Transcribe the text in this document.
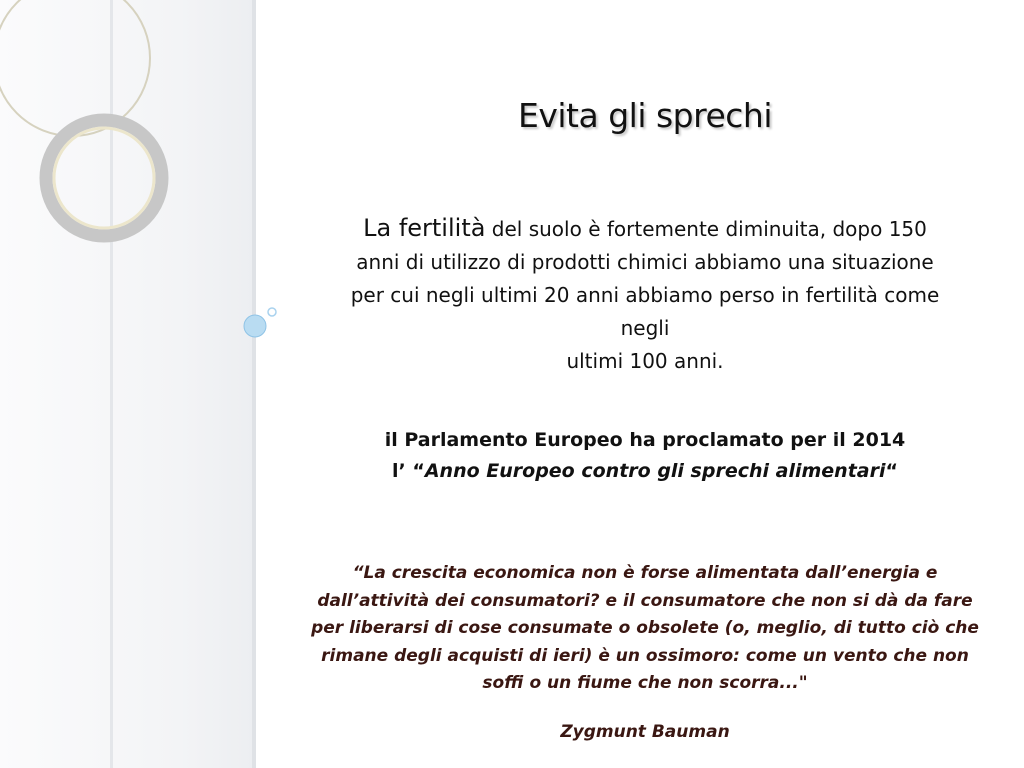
Evita gli sprechi
La fertilità del suolo è fortemente diminuita, dopo 150
anni di utilizzo di prodotti chimici abbiamo una situazione
per cui negli ultimi 20 anni abbiamo perso in fertilità come
negli
ultimi 100 anni.
il Parlamento Europeo ha proclamato per il 2014
l’ “Anno Europeo contro gli sprechi alimentari“
“La crescita economica non è forse alimentata dall’energia e
dall’attività dei consumatori? e il consumatore che non si dà da fare
per liberarsi di cose consumate o obsolete (o, meglio, di tutto ciò che
rimane degli acquisti di ieri) è un ossimoro: come un vento che non
soffi o un fiume che non scorra..."
Zygmunt Bauman
